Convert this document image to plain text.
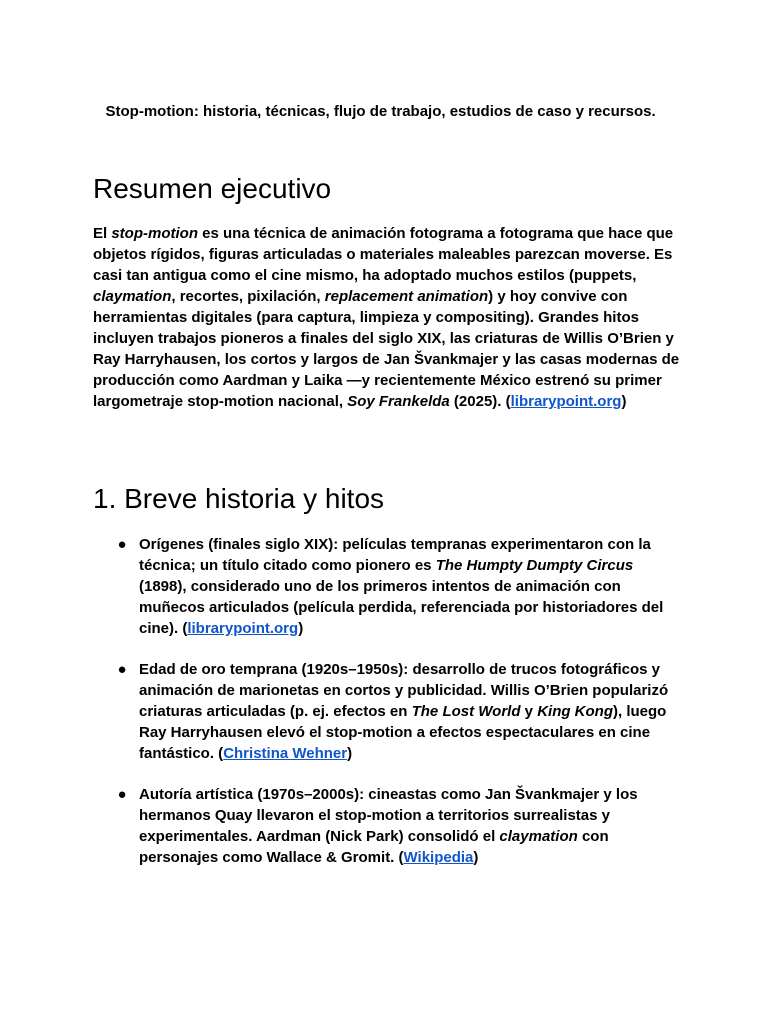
Stop-motion: historia, técnicas, flujo de trabajo, estudios de caso y recursos.
Resumen ejecutivo
El stop-motion es una técnica de animación fotograma a fotograma que hace que objetos rígidos, figuras articuladas o materiales maleables parezcan moverse. Es casi tan antigua como el cine mismo, ha adoptado muchos estilos (puppets, claymation, recortes, pixilación, replacement animation) y hoy convive con herramientas digitales (para captura, limpieza y compositing). Grandes hitos incluyen trabajos pioneros a finales del siglo XIX, las criaturas de Willis O’Brien y Ray Harryhausen, los cortos y largos de Jan Švankmajer y las casas modernas de producción como Aardman y Laika —y recientemente México estrenó su primer largometraje stop-motion nacional, Soy Frankelda (2025). (librarypoint.org)
1. Breve historia y hitos
● Orígenes (finales siglo XIX): películas tempranas experimentaron con la técnica; un título citado como pionero es The Humpty Dumpty Circus (1898), considerado uno de los primeros intentos de animación con muñecos articulados (película perdida, referenciada por historiadores del cine). (librarypoint.org)
● Edad de oro temprana (1920s–1950s): desarrollo de trucos fotográficos y animación de marionetas en cortos y publicidad. Willis O’Brien popularizó criaturas articuladas (p. ej. efectos en The Lost World y King Kong), luego Ray Harryhausen elevó el stop-motion a efectos espectaculares en cine fantástico. (Christina Wehner)
● Autoría artística (1970s–2000s): cineastas como Jan Švankmajer y los hermanos Quay llevaron el stop-motion a territorios surrealistas y experimentales. Aardman (Nick Park) consolidó el claymation con personajes como Wallace & Gromit. (Wikipedia)
